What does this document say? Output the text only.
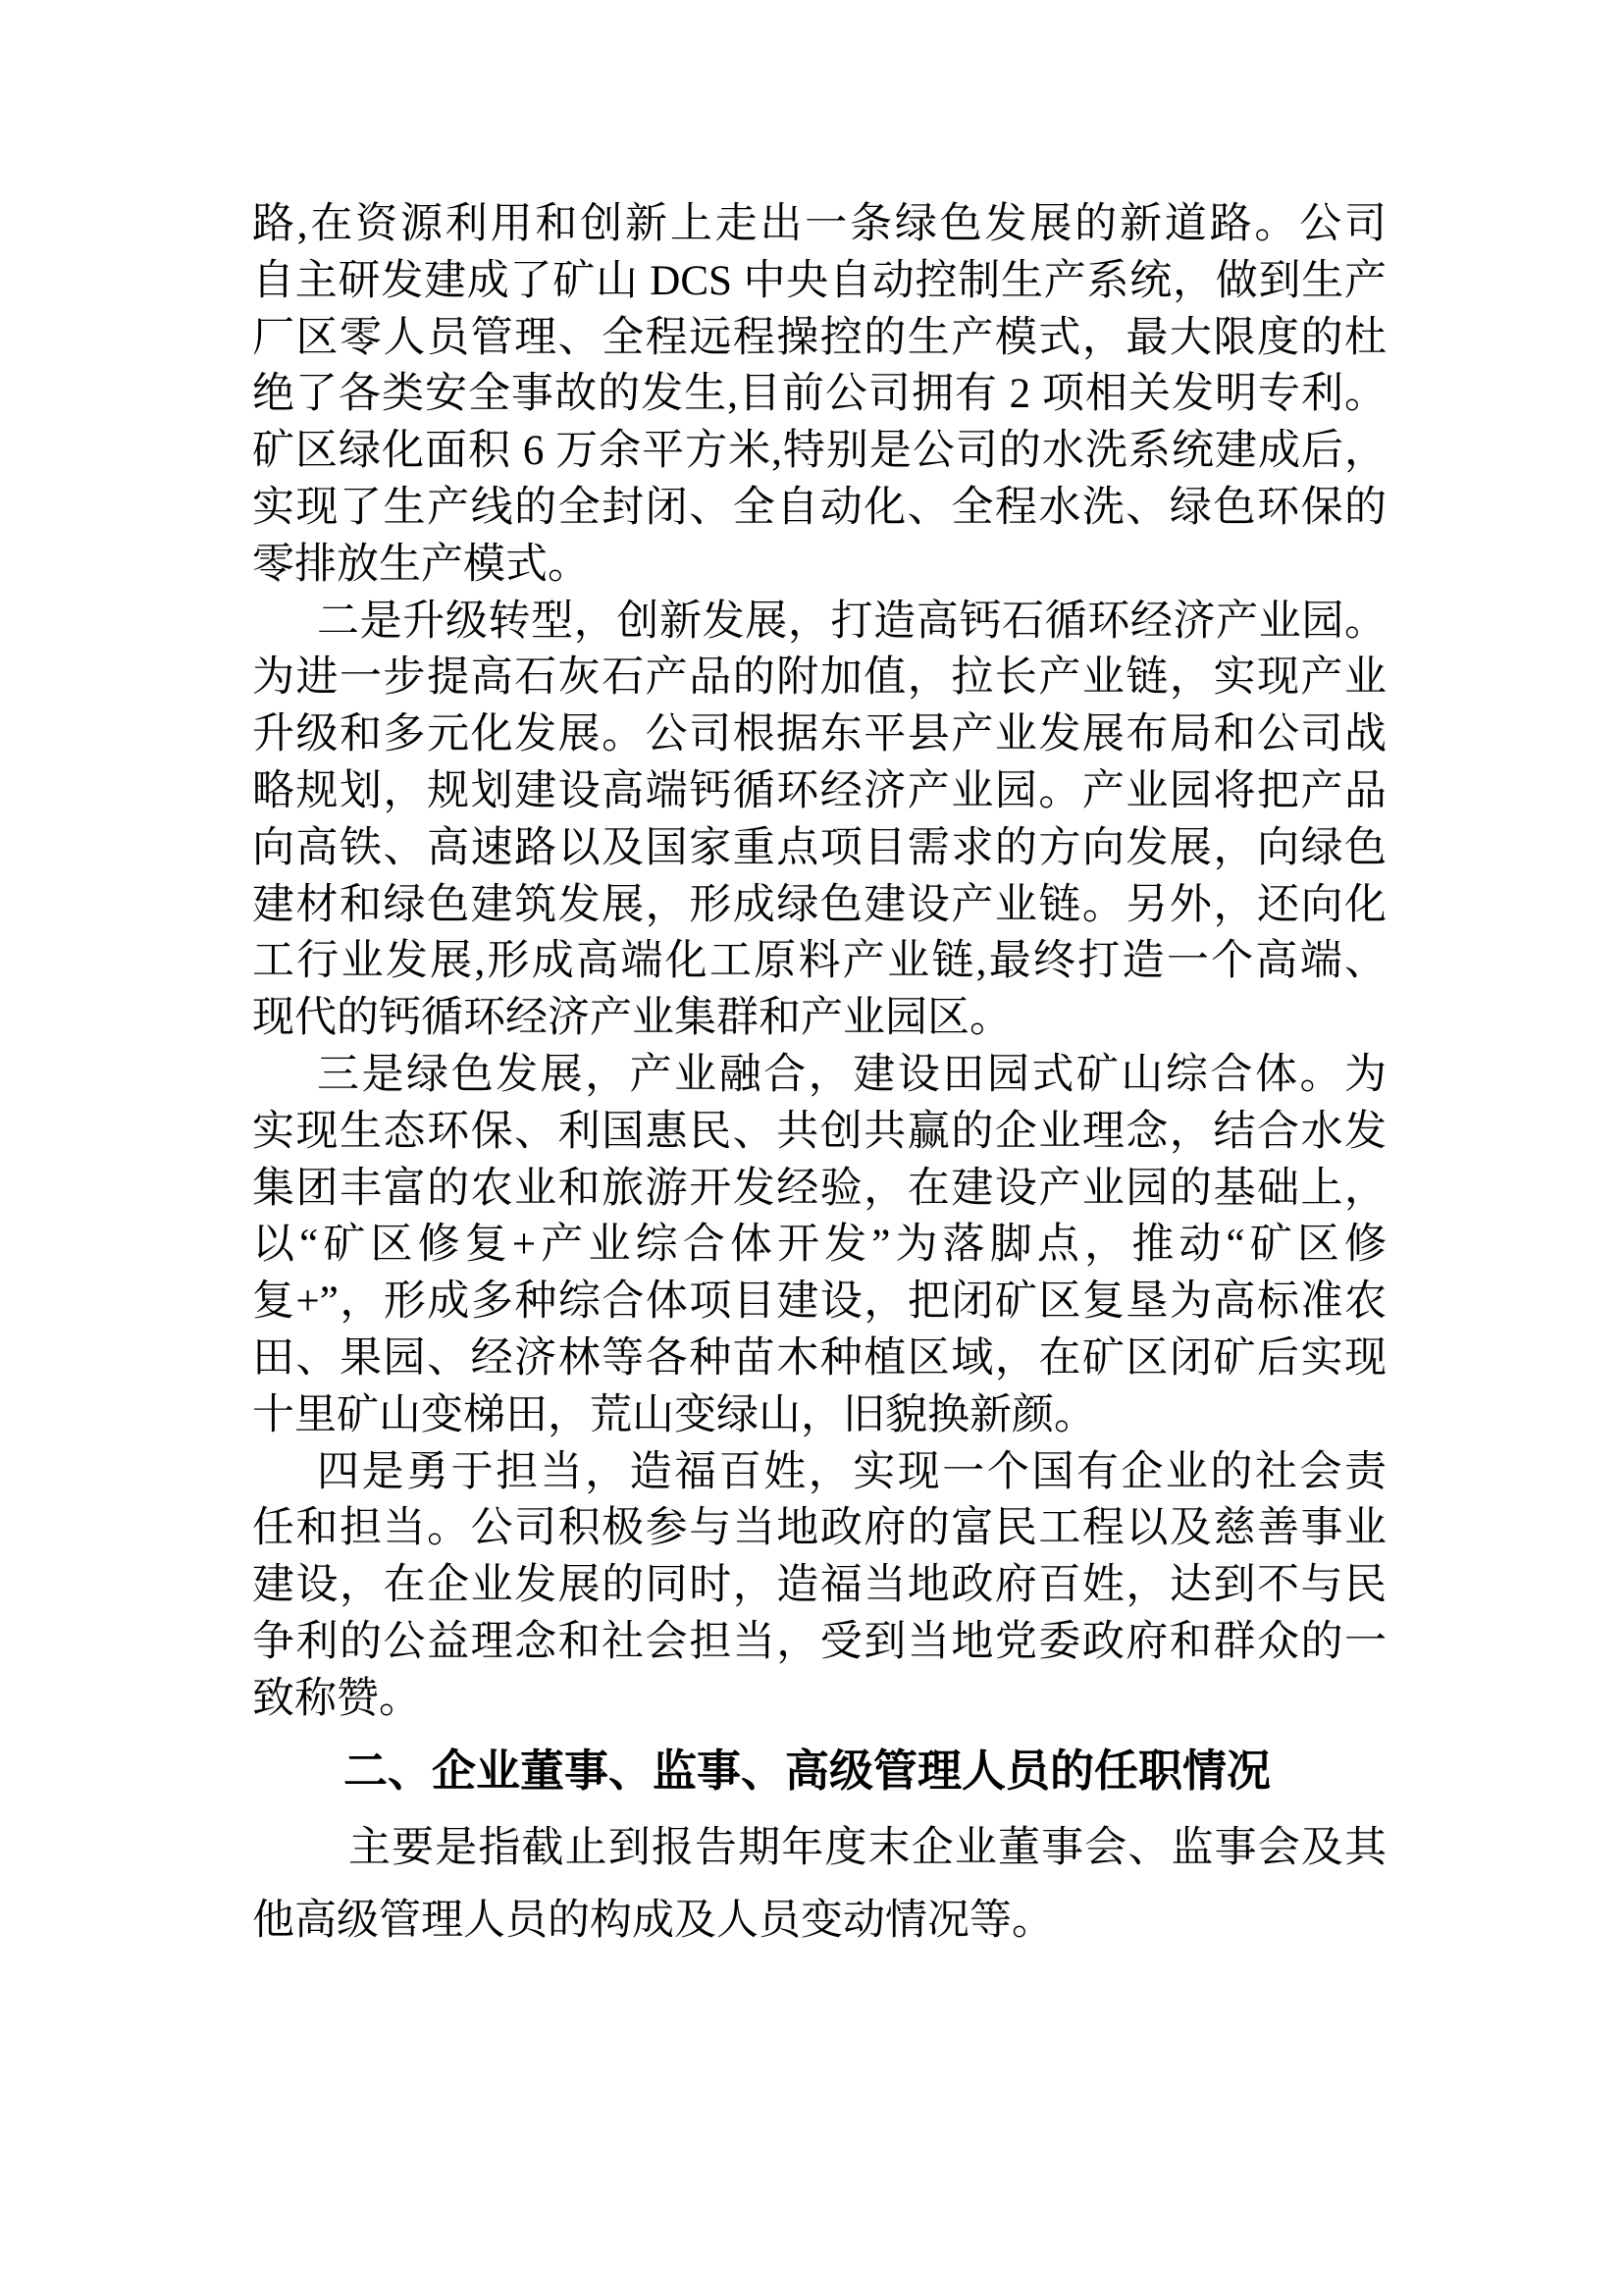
路,在资源利用和创新上走出一条绿色发展的新道路。公司
自主研发建成了矿山 DCS 中央自动控制生产系统，做到生产
厂区零人员管理、全程远程操控的生产模式，最大限度的杜
绝了各类安全事故的发生,目前公司拥有 2 项相关发明专利。
矿区绿化面积 6 万余平方米,特别是公司的水洗系统建成后，
实现了生产线的全封闭、全自动化、全程水洗、绿色环保的
零排放生产模式。

二是升级转型，创新发展，打造高钙石循环经济产业园。
为进一步提高石灰石产品的附加值，拉长产业链，实现产业
升级和多元化发展。公司根据东平县产业发展布局和公司战
略规划，规划建设高端钙循环经济产业园。产业园将把产品
向高铁、高速路以及国家重点项目需求的方向发展，向绿色
建材和绿色建筑发展，形成绿色建设产业链。另外，还向化
工行业发展,形成高端化工原料产业链,最终打造一个高端、
现代的钙循环经济产业集群和产业园区。

三是绿色发展，产业融合，建设田园式矿山综合体。为
实现生态环保、利国惠民、共创共赢的企业理念，结合水发
集团丰富的农业和旅游开发经验，在建设产业园的基础上，
以“矿区修复+产业综合体开发”为落脚点，推动“矿区修
复+”，形成多种综合体项目建设，把闭矿区复垦为高标准农
田、果园、经济林等各种苗木种植区域，在矿区闭矿后实现
十里矿山变梯田，荒山变绿山，旧貌换新颜。

四是勇于担当，造福百姓，实现一个国有企业的社会责
任和担当。公司积极参与当地政府的富民工程以及慈善事业
建设，在企业发展的同时，造福当地政府百姓，达到不与民
争利的公益理念和社会担当，受到当地党委政府和群众的一
致称赞。

二、企业董事、监事、高级管理人员的任职情况

主要是指截止到报告期年度末企业董事会、监事会及其
他高级管理人员的构成及人员变动情况等。
